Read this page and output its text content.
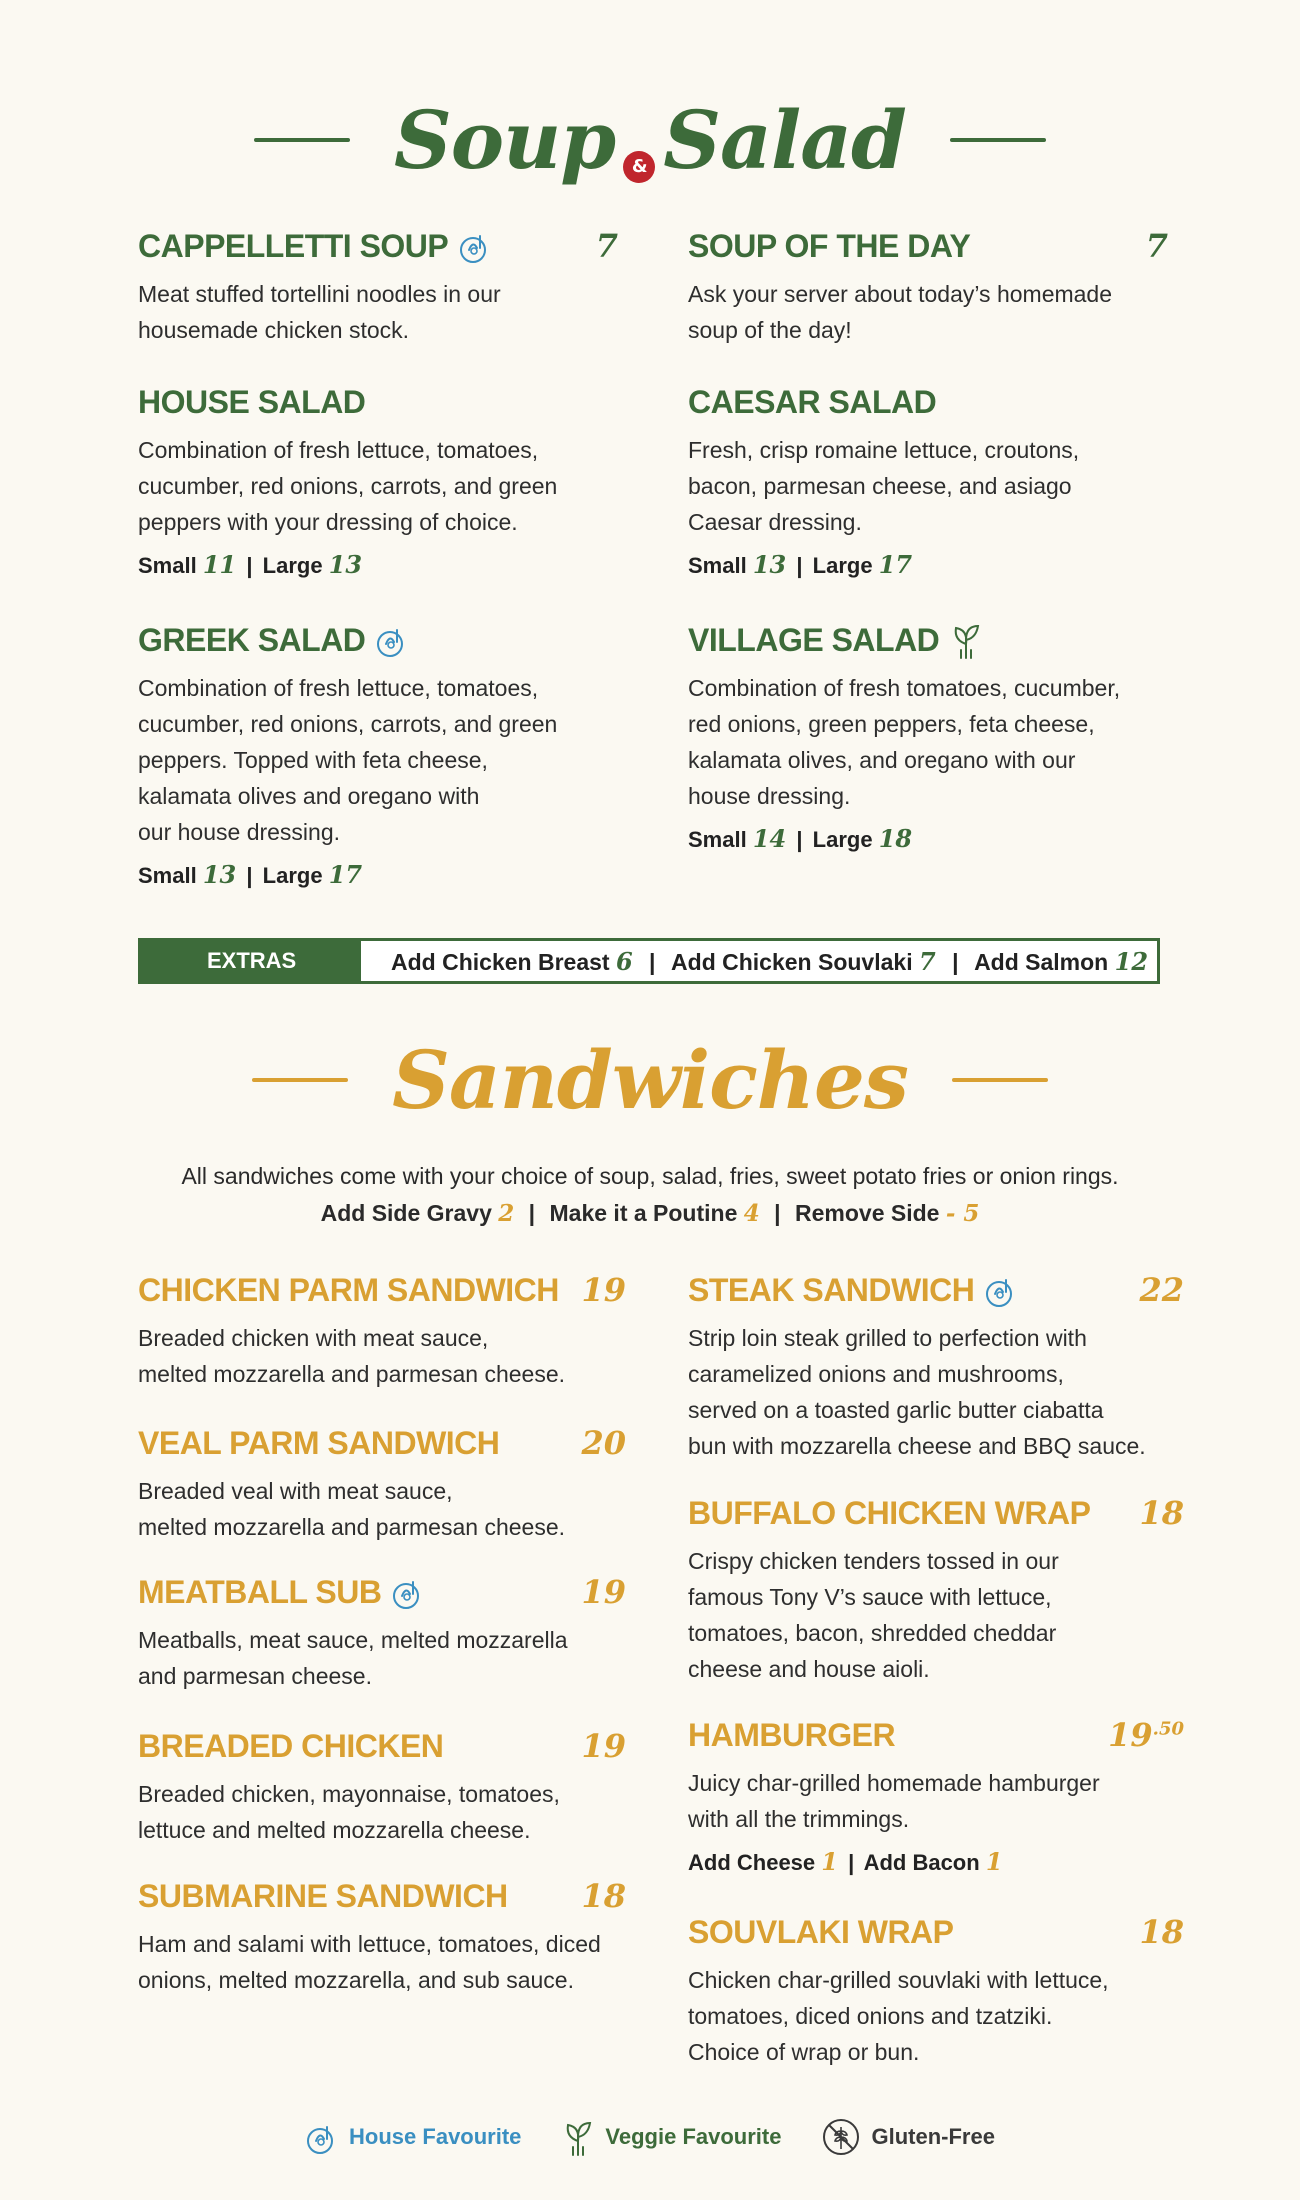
Soup & Salad
CAPPELLETTI SOUP	7
Meat stuffed tortellini noodles in our
housemade chicken stock.
SOUP OF THE DAY	7
Ask your server about today’s homemade
soup of the day!
HOUSE SALAD
Combination of fresh lettuce, tomatoes,
cucumber, red onions, carrots, and green
peppers with your dressing of choice.
Small 11 | Large 13
CAESAR SALAD
Fresh, crisp romaine lettuce, croutons,
bacon, parmesan cheese, and asiago
Caesar dressing.
Small 13 | Large 17
GREEK SALAD
Combination of fresh lettuce, tomatoes,
cucumber, red onions, carrots, and green
peppers. Topped with feta cheese,
kalamata olives and oregano with
our house dressing.
Small 13 | Large 17
VILLAGE SALAD
Combination of fresh tomatoes, cucumber,
red onions, green peppers, feta cheese,
kalamata olives, and oregano with our
house dressing.
Small 14 | Large 18
EXTRAS	Add Chicken Breast 6 | Add Chicken Souvlaki 7 | Add Salmon 12
Sandwiches
All sandwiches come with your choice of soup, salad, fries, sweet potato fries or onion rings.
Add Side Gravy 2 | Make it a Poutine 4 | Remove Side - 5
CHICKEN PARM SANDWICH 19
Breaded chicken with meat sauce,
melted mozzarella and parmesan cheese.
VEAL PARM SANDWICH	20
Breaded veal with meat sauce,
melted mozzarella and parmesan cheese.
MEATBALL SUB	19
Meatballs, meat sauce, melted mozzarella
and parmesan cheese.
BREADED CHICKEN	19
Breaded chicken, mayonnaise, tomatoes,
lettuce and melted mozzarella cheese.
SUBMARINE SANDWICH 18
Ham and salami with lettuce, tomatoes, diced
onions, melted mozzarella, and sub sauce.
STEAK SANDWICH	22
Strip loin steak grilled to perfection with
caramelized onions and mushrooms,
served on a toasted garlic butter ciabatta
bun with mozzarella cheese and BBQ sauce.
BUFFALO CHICKEN WRAP 18
Crispy chicken tenders tossed in our
famous Tony V’s sauce with lettuce,
tomatoes, bacon, shredded cheddar
cheese and house aioli.
HAMBURGER	$19^{.50}$
Juicy char-grilled homemade hamburger
with all the trimmings.
Add Cheese 1 | Add Bacon 1
SOUVLAKI WRAP	18
Chicken char-grilled souvlaki with lettuce,
tomatoes, diced onions and tzatziki.
Choice of wrap or bun.
House Favourite	Veggie Favourite	Gluten-Free
